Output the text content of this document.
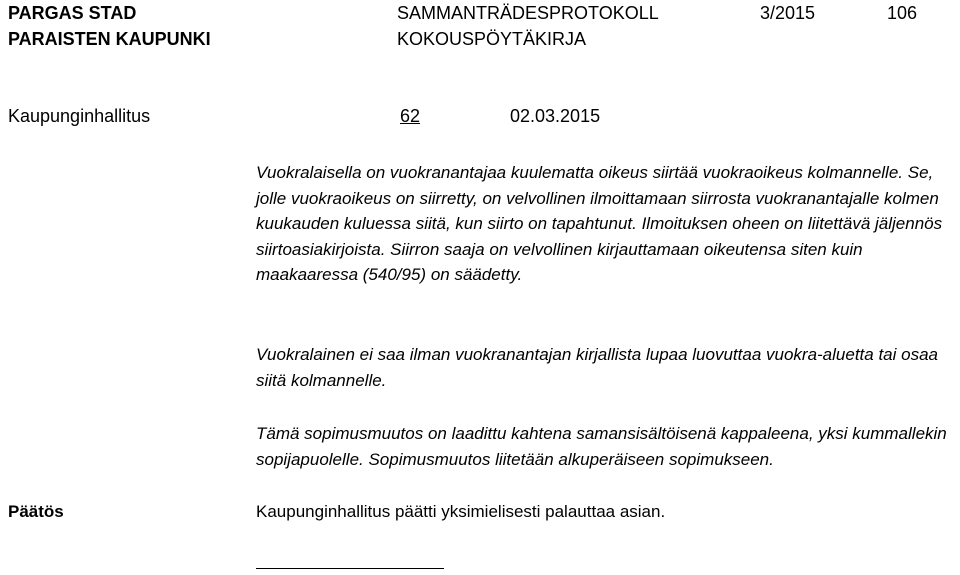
PARGAS STAD
PARAISTEN KAUPUNKI
SAMMANTRÄDESPROTOKOLL
KOKOUSPÖYTÄKIRJA
3/2015	106
Kaupunginhallitus	62	02.03.2015
Vuokralaisella on vuokranantajaa kuulematta oikeus siirtää vuokraoikeus kolmannelle. Se, jolle vuokraoikeus on siirretty, on velvollinen ilmoittamaan siirrosta vuokranantajalle kolmen kuukauden kuluessa siitä, kun siirto on tapahtunut. Ilmoituksen oheen on liitettävä jäljennös siirtoasiakirjoista. Siirron saaja on velvollinen kirjauttamaan oikeutensa siten kuin maakaaressa (540/95) on säädetty.
Vuokralainen ei saa ilman vuokranantajan kirjallista lupaa luovuttaa vuokra-aluetta tai osaa siitä kolmannelle.
Tämä sopimusmuutos on laadittu kahtena samansisältöisenä kappaleena, yksi kummallekin sopijapuolelle. Sopimusmuutos liitetään alkuperäiseen sopimukseen.
Päätös	Kaupunginhallitus päätti yksimielisesti palauttaa asian.
